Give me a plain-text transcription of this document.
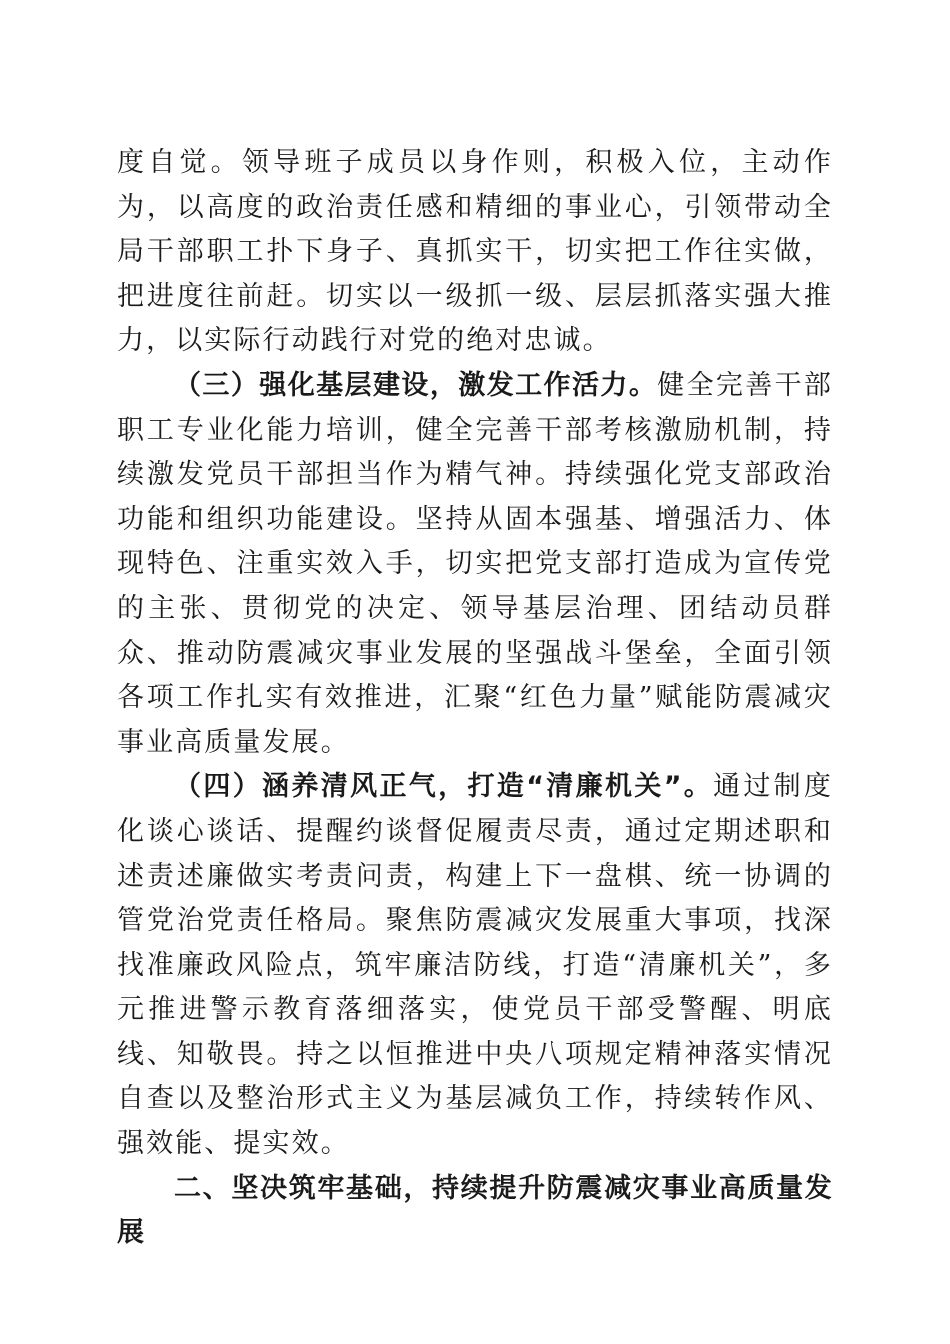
度自觉。领导班子成员以身作则，积极入位，主动作为，以高度的政治责任感和精细的事业心，引领带动全局干部职工扑下身子、真抓实干，切实把工作往实做，把进度往前赶。切实以一级抓一级、层层抓落实强大推力，以实际行动践行对党的绝对忠诚。

（三）强化基层建设，激发工作活力。健全完善干部职工专业化能力培训，健全完善干部考核激励机制，持续激发党员干部担当作为精气神。持续强化党支部政治功能和组织功能建设。坚持从固本强基、增强活力、体现特色、注重实效入手，切实把党支部打造成为宣传党的主张、贯彻党的决定、领导基层治理、团结动员群众、推动防震减灾事业发展的坚强战斗堡垒，全面引领各项工作扎实有效推进，汇聚“红色力量”赋能防震减灾事业高质量发展。

（四）涵养清风正气，打造“清廉机关”。通过制度化谈心谈话、提醒约谈督促履责尽责，通过定期述职和述责述廉做实考责问责，构建上下一盘棋、统一协调的管党治党责任格局。聚焦防震减灾发展重大事项，找深找准廉政风险点，筑牢廉洁防线，打造“清廉机关”，多元推进警示教育落细落实，使党员干部受警醒、明底线、知敬畏。持之以恒推进中央八项规定精神落实情况自查以及整治形式主义为基层减负工作，持续转作风、强效能、提实效。

二、坚决筑牢基础，持续提升防震减灾事业高质量发展
